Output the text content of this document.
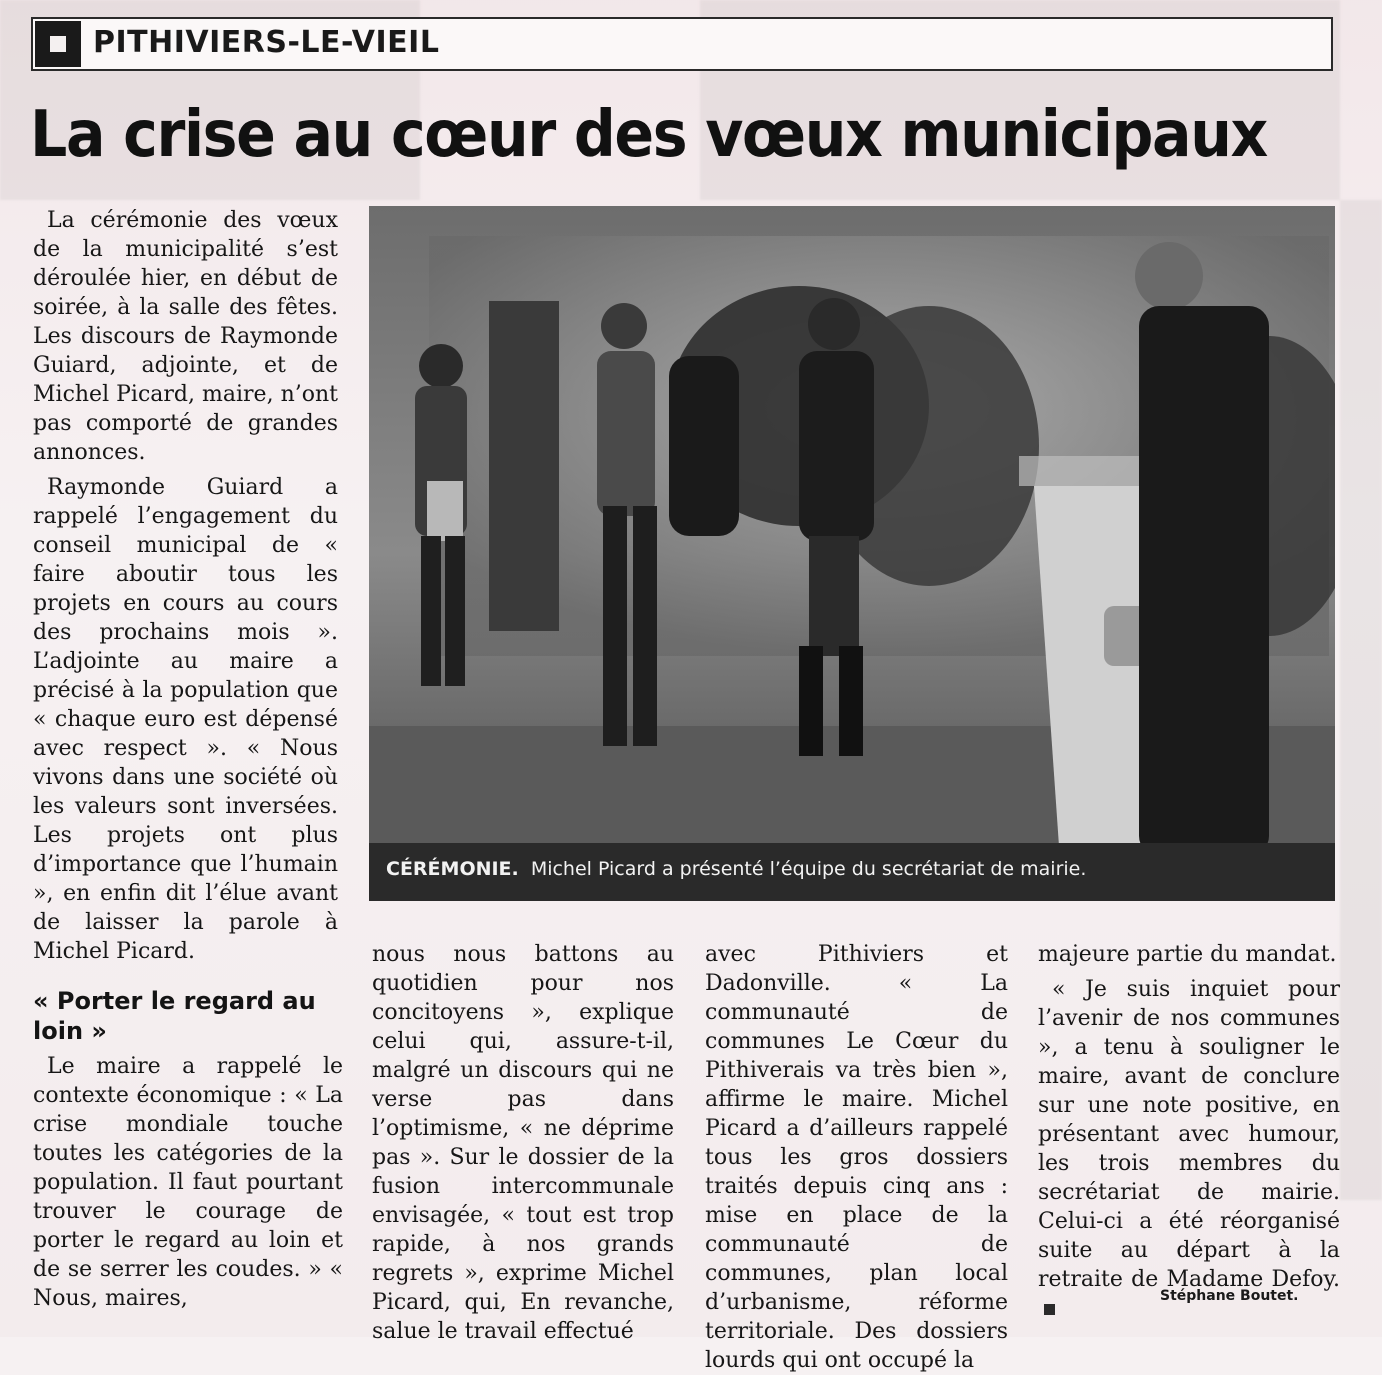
PITHIVIERS-LE-VIEIL
La crise au cœur des vœux municipaux

La cérémonie des vœux de la municipalité s’est déroulée hier, en début de soirée, à la salle des fêtes. Les discours de Raymonde Guiard, adjointe, et de Michel Picard, maire, n’ont pas comporté de grandes annonces.

Raymonde Guiard a rappelé l’engagement du conseil municipal de « faire aboutir tous les projets en cours au cours des prochains mois ». L’adjointe au maire a précisé à la population que « chaque euro est dépensé avec respect ». « Nous vivons dans une société où les valeurs sont inversées. Les projets ont plus d’importance que l’humain », en enfin dit l’élue avant de laisser la parole à Michel Picard.

« Porter le regard au loin »

Le maire a rappelé le contexte économique : « La crise mondiale touche toutes les catégories de la population. Il faut pourtant trouver le courage de porter le regard au loin et de se serrer les coudes. » « Nous, maires,

CÉRÉMONIE. Michel Picard a présenté l’équipe du secrétariat de mairie.

nous nous battons au quotidien pour nos concitoyens », explique celui qui, assure-t-il, malgré un discours qui ne verse pas dans l’optimisme, « ne déprime pas ». Sur le dossier de la fusion intercommunale envisagée, « tout est trop rapide, à nos grands regrets », exprime Michel Picard, qui, En revanche, salue le travail effectué

avec Pithiviers et Dadonville. « La communauté de communes Le Cœur du Pithiverais va très bien », affirme le maire. Michel Picard a d’ailleurs rappelé tous les gros dossiers traités depuis cinq ans : mise en place de la communauté de communes, plan local d’urbanisme, réforme territoriale. Des dossiers lourds qui ont occupé la

majeure partie du mandat.

« Je suis inquiet pour l’avenir de nos communes », a tenu à souligner le maire, avant de conclure sur une note positive, en présentant avec humour, les trois membres du secrétariat de mairie. Celui-ci a été réorganisé suite au départ à la retraite de Madame Defoy.

Stéphane Boutet.
